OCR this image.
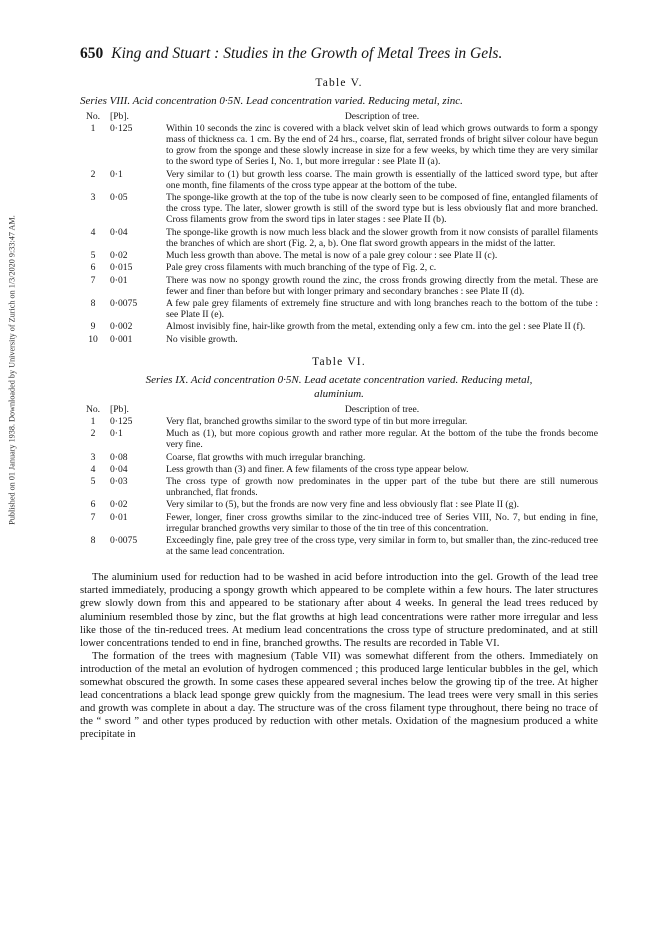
Published on 01 January 1938. Downloaded by University of Zurich on 1/3/2020 9:33:47 AM.
650 King and Stuart : Studies in the Growth of Metal Trees in Gels.
Table V.
Series VIII. Acid concentration 0·5N. Lead concentration varied. Reducing metal, zinc.
No.	[Pb].	Description of tree.
1	0·125	Within 10 seconds the zinc is covered with a black velvet skin of lead which grows outwards to form a spongy mass of thickness ca. 1 cm. By the end of 24 hrs., coarse, flat, serrated fronds of bright silver colour have begun to grow from the sponge and these slowly increase in size for a few weeks, by which time they are very similar to the sword type of Series I, No. 1, but more irregular : see Plate II (a).
2	0·1	Very similar to (1) but growth less coarse. The main growth is essentially of the latticed sword type, but after one month, fine filaments of the cross type appear at the bottom of the tube.
3	0·05	The sponge-like growth at the top of the tube is now clearly seen to be composed of fine, entangled filaments of the cross type. The later, slower growth is still of the sword type but is less obviously flat and more branched. Cross filaments grow from the sword tips in later stages : see Plate II (b).
4	0·04	The sponge-like growth is now much less black and the slower growth from it now consists of parallel filaments the branches of which are short (Fig. 2, a, b). One flat sword growth appears in the midst of the latter.
5	0·02	Much less growth than above. The metal is now of a pale grey colour : see Plate II (c).
6	0·015	Pale grey cross filaments with much branching of the type of Fig. 2, c.
7	0·01	There was now no spongy growth round the zinc, the cross fronds growing directly from the metal. These are fewer and finer than before but with longer primary and secondary branches : see Plate II (d).
8	0·0075	A few pale grey filaments of extremely fine structure and with long branches reach to the bottom of the tube : see Plate II (e).
9	0·002	Almost invisibly fine, hair-like growth from the metal, extending only a few cm. into the gel : see Plate II (f).
10	0·001	No visible growth.
Table VI.
Series IX. Acid concentration 0·5N. Lead acetate concentration varied. Reducing metal, aluminium.
No.	[Pb].	Description of tree.
1	0·125	Very flat, branched growths similar to the sword type of tin but more irregular.
2	0·1	Much as (1), but more copious growth and rather more regular. At the bottom of the tube the fronds become very fine.
3	0·08	Coarse, flat growths with much irregular branching.
4	0·04	Less growth than (3) and finer. A few filaments of the cross type appear below.
5	0·03	The cross type of growth now predominates in the upper part of the tube but there are still numerous unbranched, flat fronds.
6	0·02	Very similar to (5), but the fronds are now very fine and less obviously flat : see Plate II (g).
7	0·01	Fewer, longer, finer cross growths similar to the zinc-induced tree of Series VIII, No. 7, but ending in fine, irregular branched growths very similar to those of the tin tree of this concentration.
8	0·0075	Exceedingly fine, pale grey tree of the cross type, very similar in form to, but smaller than, the zinc-reduced tree at the same lead concentration.

The aluminium used for reduction had to be washed in acid before introduction into the gel. Growth of the lead tree started immediately, producing a spongy growth which appeared to be complete within a few hours. The later structures grew slowly down from this and appeared to be stationary after about 4 weeks. In general the lead trees reduced by aluminium resembled those by zinc, but the flat growths at high lead concentrations were rather more irregular and less like those of the tin-reduced trees. At medium lead concentrations the cross type of structure predominated, and at still lower concentrations tended to end in fine, branched growths. The results are recorded in Table VI.

The formation of the trees with magnesium (Table VII) was somewhat different from the others. Immediately on introduction of the metal an evolution of hydrogen commenced ; this produced large lenticular bubbles in the gel, which somewhat obscured the growth. In some cases these appeared several inches below the growing tip of the tree. At higher lead concentrations a black lead sponge grew quickly from the magnesium. The lead trees were very small in this series and growth was complete in about a day. The structure was of the cross filament type throughout, there being no trace of the “ sword ” and other types produced by reduction with other metals. Oxidation of the magnesium produced a white precipitate in
